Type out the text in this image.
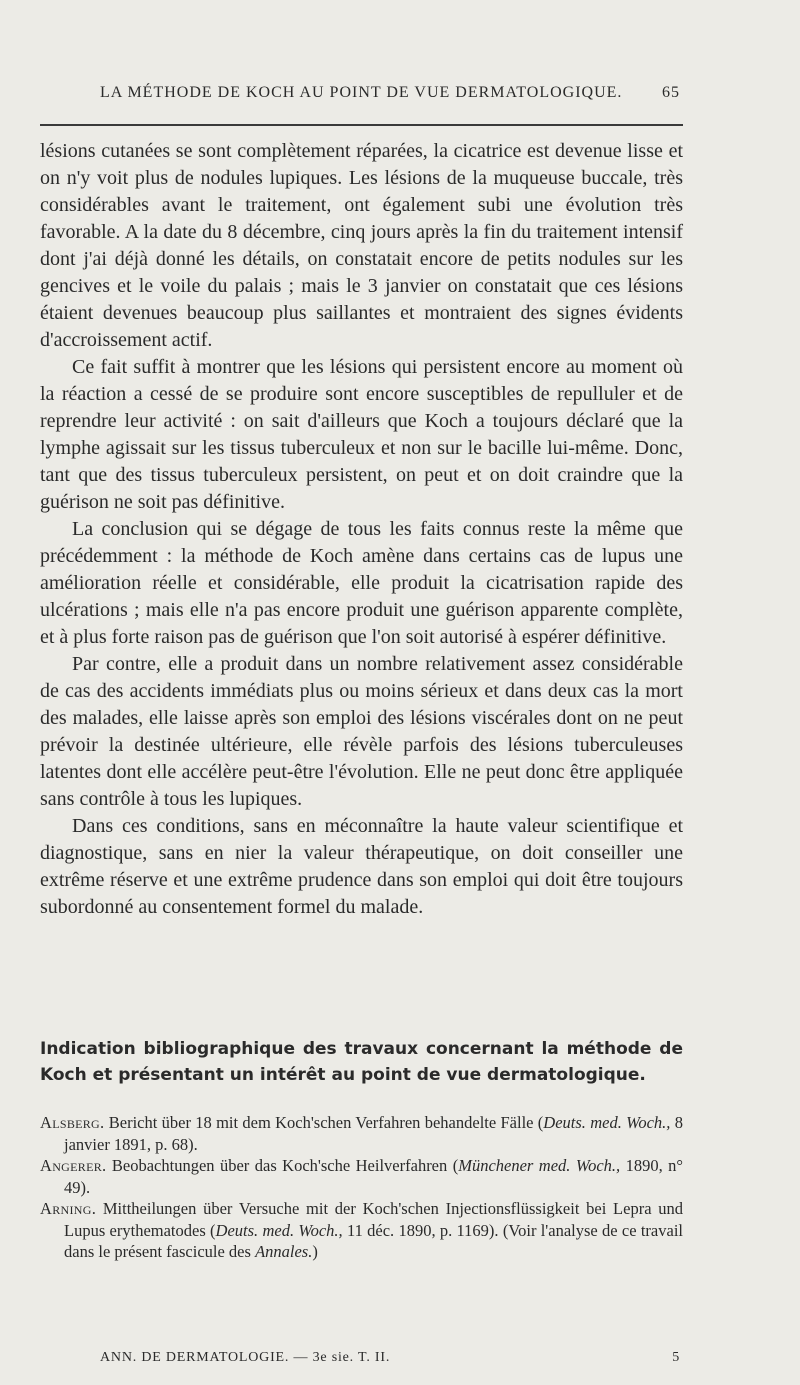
LA MÉTHODE DE KOCH AU POINT DE VUE DERMATOLOGIQUE. 65

lésions cutanées se sont complètement réparées, la cicatrice est devenue lisse et on n'y voit plus de nodules lupiques. Les lésions de la muqueuse buccale, très considérables avant le traitement, ont également subi une évolution très favorable. A la date du 8 décembre, cinq jours après la fin du traitement intensif dont j'ai déjà donné les détails, on constatait encore de petits nodules sur les gencives et le voile du palais ; mais le 3 janvier on constatait que ces lésions étaient devenues beaucoup plus saillantes et montraient des signes évidents d'accroissement actif.

Ce fait suffit à montrer que les lésions qui persistent encore au moment où la réaction a cessé de se produire sont encore susceptibles de repulluler et de reprendre leur activité : on sait d'ailleurs que Koch a toujours déclaré que la lymphe agissait sur les tissus tuberculeux et non sur le bacille lui-même. Donc, tant que des tissus tuberculeux persistent, on peut et on doit craindre que la guérison ne soit pas définitive.

La conclusion qui se dégage de tous les faits connus reste la même que précédemment : la méthode de Koch amène dans certains cas de lupus une amélioration réelle et considérable, elle produit la cicatrisation rapide des ulcérations ; mais elle n'a pas encore produit une guérison apparente complète, et à plus forte raison pas de guérison que l'on soit autorisé à espérer définitive.

Par contre, elle a produit dans un nombre relativement assez considérable de cas des accidents immédiats plus ou moins sérieux et dans deux cas la mort des malades, elle laisse après son emploi des lésions viscérales dont on ne peut prévoir la destinée ultérieure, elle révèle parfois des lésions tuberculeuses latentes dont elle accélère peut-être l'évolution. Elle ne peut donc être appliquée sans contrôle à tous les lupiques.

Dans ces conditions, sans en méconnaître la haute valeur scientifique et diagnostique, sans en nier la valeur thérapeutique, on doit conseiller une extrême réserve et une extrême prudence dans son emploi qui doit être toujours subordonné au consentement formel du malade.

Indication bibliographique des travaux concernant la méthode de Koch et présentant un intérêt au point de vue dermatologique.

Alsberg. Bericht über 18 mit dem Koch'schen Verfahren behandelte Fälle (Deuts. med. Woch., 8 janvier 1891, p. 68).

Angerer. Beobachtungen über das Koch'sche Heilverfahren (Münchener med. Woch., 1890, n° 49).

Arning. Mittheilungen über Versuche mit der Koch'schen Injectionsflüssigkeit bei Lepra und Lupus erythematodes (Deuts. med. Woch., 11 déc. 1890, p. 1169). (Voir l'analyse de ce travail dans le présent fascicule des Annales.)

ANN. DE DERMATOLOGIE. — 3e sie. T. II.	5
